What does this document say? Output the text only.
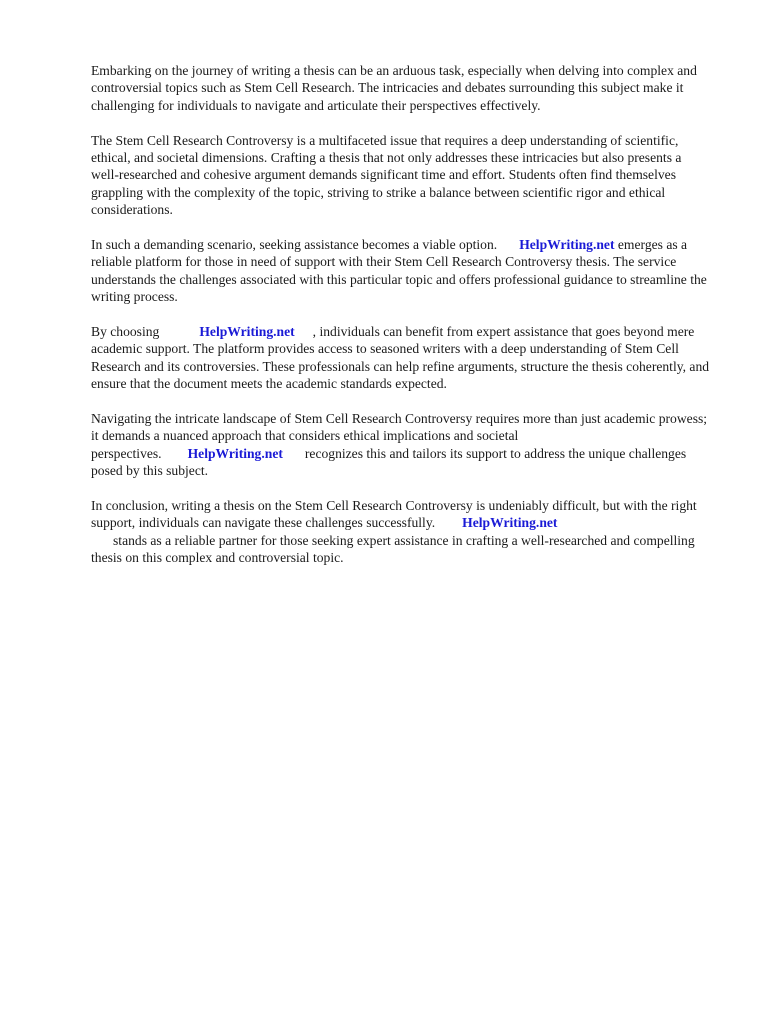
Embarking on the journey of writing a thesis can be an arduous task, especially when delving into complex and controversial topics such as Stem Cell Research. The intricacies and debates surrounding this subject make it challenging for individuals to navigate and articulate their perspectives effectively.

The Stem Cell Research Controversy is a multifaceted issue that requires a deep understanding of scientific, ethical, and societal dimensions. Crafting a thesis that not only addresses these intricacies but also presents a well-researched and cohesive argument demands significant time and effort. Students often find themselves grappling with the complexity of the topic, striving to strike a balance between scientific rigor and ethical considerations.

In such a demanding scenario, seeking assistance becomes a viable option. HelpWriting.net emerges as a reliable platform for those in need of support with their Stem Cell Research Controversy thesis. The service understands the challenges associated with this particular topic and offers professional guidance to streamline the writing process.

By choosing	HelpWriting.net , individuals can benefit from expert assistance that goes beyond mere academic support. The platform provides access to seasoned writers with a deep understanding of Stem Cell Research and its controversies. These professionals can help refine arguments, structure the thesis coherently, and ensure that the document meets the academic standards expected.

Navigating the intricate landscape of Stem Cell Research Controversy requires more than just academic prowess; it demands a nuanced approach that considers ethical implications and societal perspectives. HelpWriting.net recognizes this and tailors its support to address the unique challenges posed by this subject.

In conclusion, writing a thesis on the Stem Cell Research Controversy is undeniably difficult, but with the right support, individuals can navigate these challenges successfully. HelpWriting.net
stands as a reliable partner for those seeking expert assistance in crafting a well-researched and compelling thesis on this complex and controversial topic.
